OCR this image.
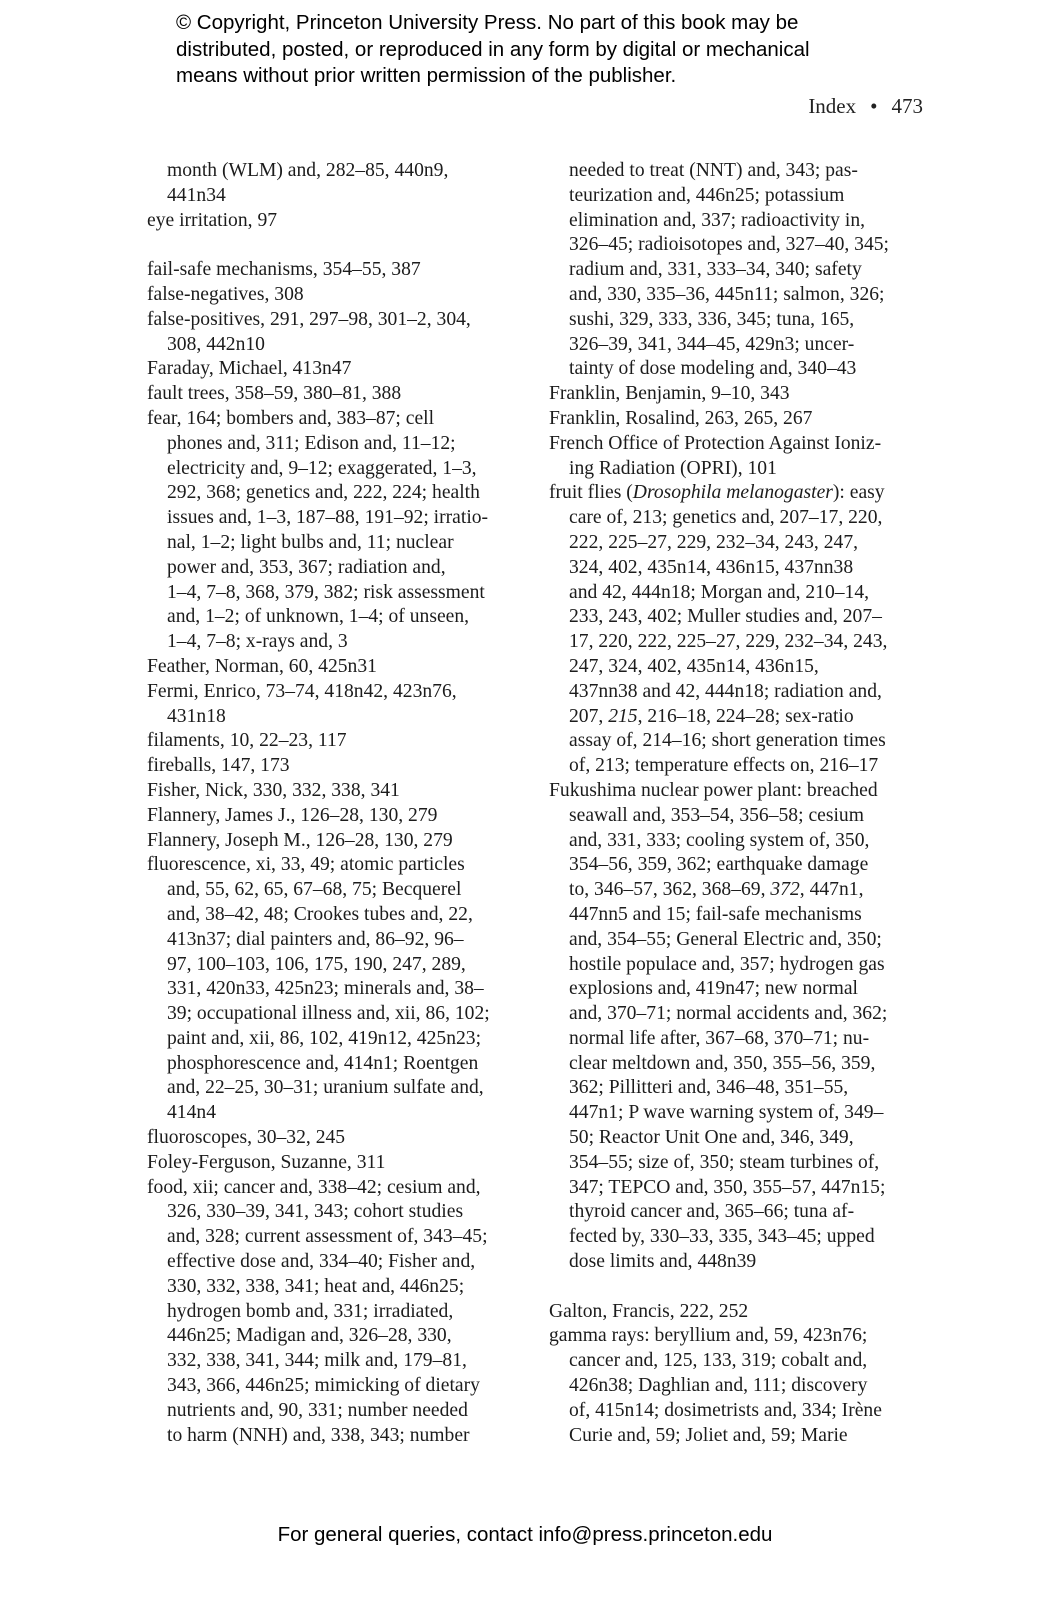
© Copyright, Princeton University Press. No part of this book may be
distributed, posted, or reproduced in any form by digital or mechanical
means without prior written permission of the publisher.
Index • 473
month (WLM) and, 282–85, 440n9,
441n34
eye irritation, 97
fail-safe mechanisms, 354–55, 387
false-negatives, 308
false-positives, 291, 297–98, 301–2, 304,
308, 442n10
Faraday, Michael, 413n47
fault trees, 358–59, 380–81, 388
fear, 164; bombers and, 383–87; cell
phones and, 311; Edison and, 11–12;
electricity and, 9–12; exaggerated, 1–3,
292, 368; genetics and, 222, 224; health
issues and, 1–3, 187–88, 191–92; irratio-
nal, 1–2; light bulbs and, 11; nuclear
power and, 353, 367; radiation and,
1–4, 7–8, 368, 379, 382; risk assessment
and, 1–2; of unknown, 1–4; of unseen,
1–4, 7–8; x-rays and, 3
Feather, Norman, 60, 425n31
Fermi, Enrico, 73–74, 418n42, 423n76,
431n18
filaments, 10, 22–23, 117
fireballs, 147, 173
Fisher, Nick, 330, 332, 338, 341
Flannery, James J., 126–28, 130, 279
Flannery, Joseph M., 126–28, 130, 279
fluorescence, xi, 33, 49; atomic particles
and, 55, 62, 65, 67–68, 75; Becquerel
and, 38–42, 48; Crookes tubes and, 22,
413n37; dial painters and, 86–92, 96–
97, 100–103, 106, 175, 190, 247, 289,
331, 420n33, 425n23; minerals and, 38–
39; occupational illness and, xii, 86, 102;
paint and, xii, 86, 102, 419n12, 425n23;
phosphorescence and, 414n1; Roentgen
and, 22–25, 30–31; uranium sulfate and,
414n4
fluoroscopes, 30–32, 245
Foley-Ferguson, Suzanne, 311
food, xii; cancer and, 338–42; cesium and,
326, 330–39, 341, 343; cohort studies
and, 328; current assessment of, 343–45;
effective dose and, 334–40; Fisher and,
330, 332, 338, 341; heat and, 446n25;
hydrogen bomb and, 331; irradiated,
446n25; Madigan and, 326–28, 330,
332, 338, 341, 344; milk and, 179–81,
343, 366, 446n25; mimicking of dietary
nutrients and, 90, 331; number needed
to harm (NNH) and, 338, 343; number
needed to treat (NNT) and, 343; pas-
teurization and, 446n25; potassium
elimination and, 337; radioactivity in,
326–45; radioisotopes and, 327–40, 345;
radium and, 331, 333–34, 340; safety
and, 330, 335–36, 445n11; salmon, 326;
sushi, 329, 333, 336, 345; tuna, 165,
326–39, 341, 344–45, 429n3; uncer-
tainty of dose modeling and, 340–43
Franklin, Benjamin, 9–10, 343
Franklin, Rosalind, 263, 265, 267
French Office of Protection Against Ioniz-
ing Radiation (OPRI), 101
fruit flies (Drosophila melanogaster): easy
care of, 213; genetics and, 207–17, 220,
222, 225–27, 229, 232–34, 243, 247,
324, 402, 435n14, 436n15, 437nn38
and 42, 444n18; Morgan and, 210–14,
233, 243, 402; Muller studies and, 207–
17, 220, 222, 225–27, 229, 232–34, 243,
247, 324, 402, 435n14, 436n15,
437nn38 and 42, 444n18; radiation and,
207, 215, 216–18, 224–28; sex-ratio
assay of, 214–16; short generation times
of, 213; temperature effects on, 216–17
Fukushima nuclear power plant: breached
seawall and, 353–54, 356–58; cesium
and, 331, 333; cooling system of, 350,
354–56, 359, 362; earthquake damage
to, 346–57, 362, 368–69, 372, 447n1,
447nn5 and 15; fail-safe mechanisms
and, 354–55; General Electric and, 350;
hostile populace and, 357; hydrogen gas
explosions and, 419n47; new normal
and, 370–71; normal accidents and, 362;
normal life after, 367–68, 370–71; nu-
clear meltdown and, 350, 355–56, 359,
362; Pillitteri and, 346–48, 351–55,
447n1; P wave warning system of, 349–
50; Reactor Unit One and, 346, 349,
354–55; size of, 350; steam turbines of,
347; TEPCO and, 350, 355–57, 447n15;
thyroid cancer and, 365–66; tuna af-
fected by, 330–33, 335, 343–45; upped
dose limits and, 448n39
Galton, Francis, 222, 252
gamma rays: beryllium and, 59, 423n76;
cancer and, 125, 133, 319; cobalt and,
426n38; Daghlian and, 111; discovery
of, 415n14; dosimetrists and, 334; Irène
Curie and, 59; Joliet and, 59; Marie
For general queries, contact info@press.princeton.edu
